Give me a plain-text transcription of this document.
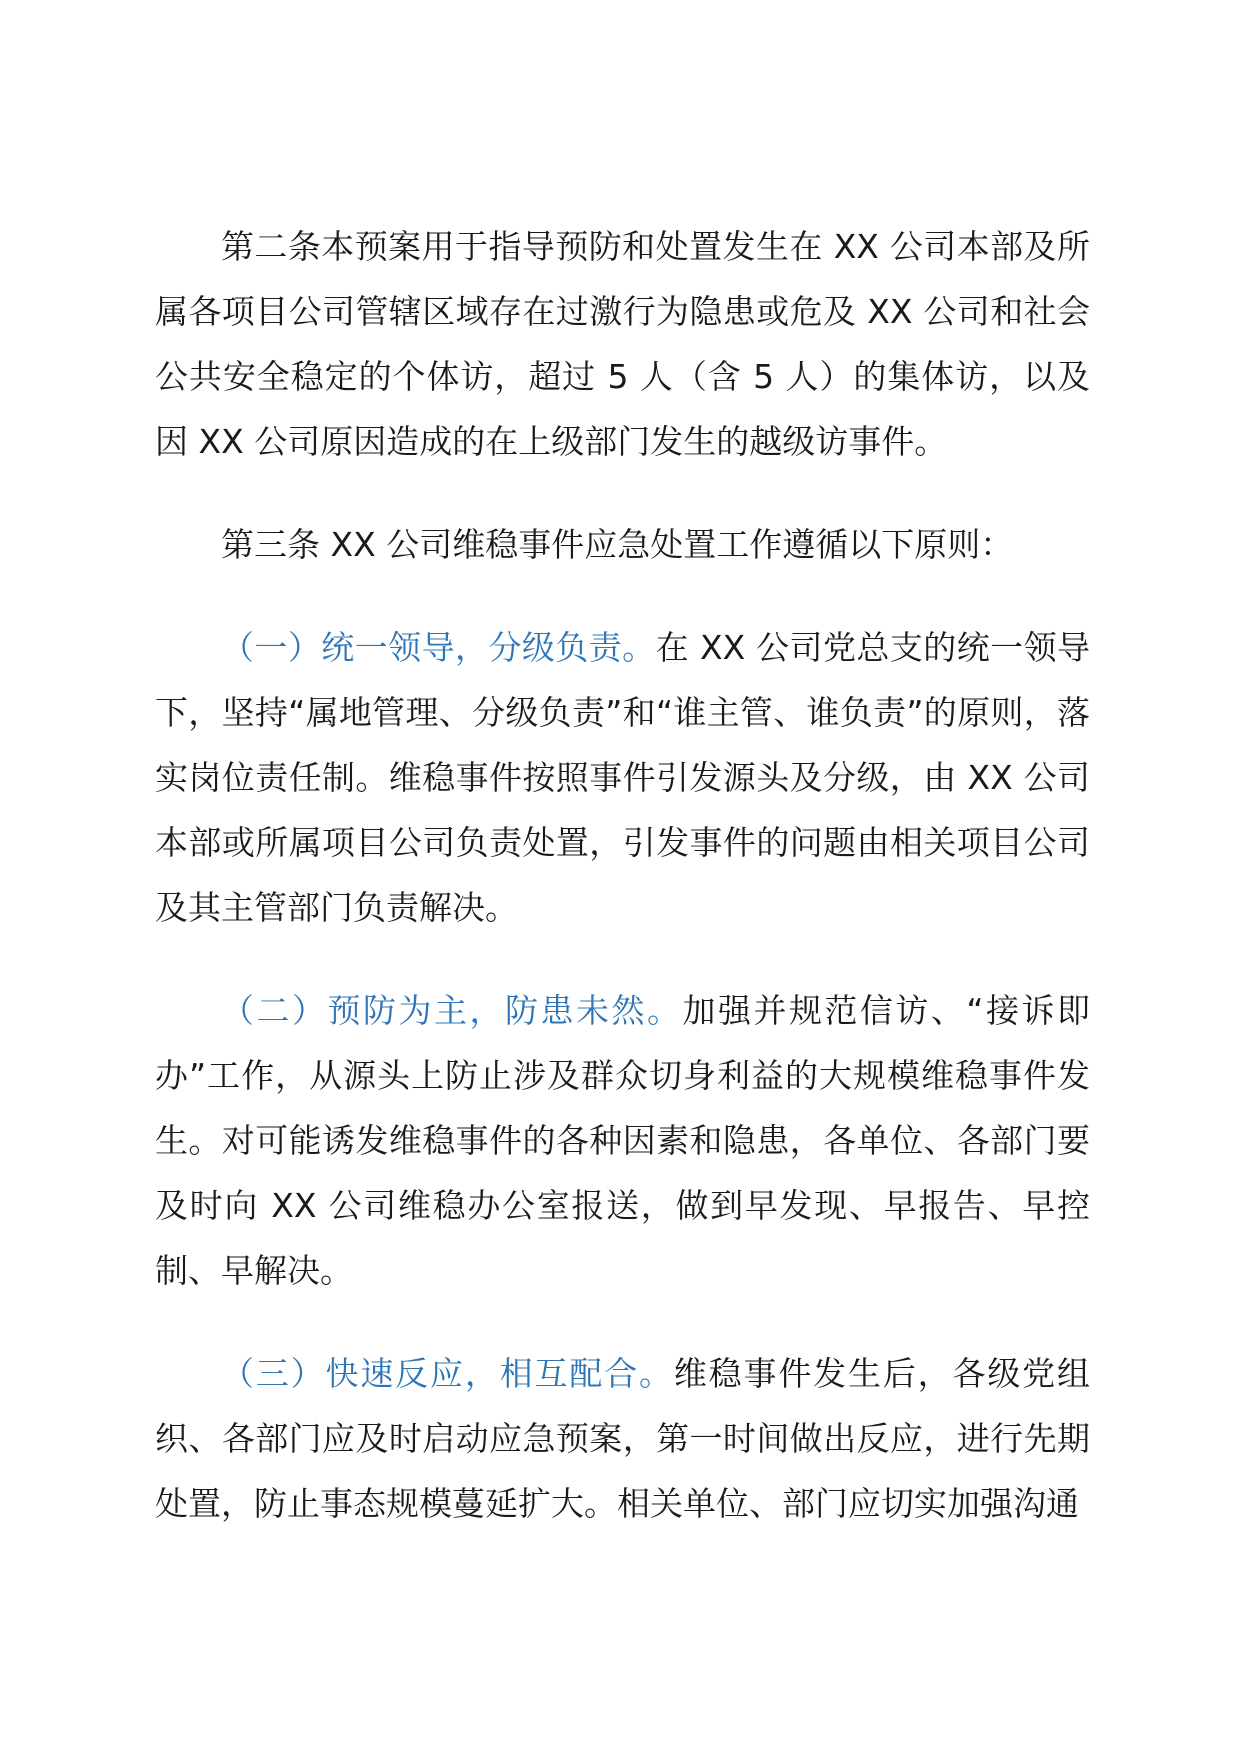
第二条本预案用于指导预防和处置发生在 XX 公司本部及所属各项目公司管辖区域存在过激行为隐患或危及 XX 公司和社会公共安全稳定的个体访，超过 5 人（含 5 人）的集体访，以及因 XX 公司原因造成的在上级部门发生的越级访事件。

第三条 XX 公司维稳事件应急处置工作遵循以下原则：

（一）统一领导，分级负责。在 XX 公司党总支的统一领导下，坚持“属地管理、分级负责”和“谁主管、谁负责”的原则，落实岗位责任制。维稳事件按照事件引发源头及分级，由 XX 公司本部或所属项目公司负责处置，引发事件的问题由相关项目公司及其主管部门负责解决。

（二）预防为主，防患未然。加强并规范信访、“接诉即办”工作，从源头上防止涉及群众切身利益的大规模维稳事件发生。对可能诱发维稳事件的各种因素和隐患，各单位、各部门要及时向 XX 公司维稳办公室报送，做到早发现、早报告、早控制、早解决。

（三）快速反应，相互配合。维稳事件发生后，各级党组织、各部门应及时启动应急预案，第一时间做出反应，进行先期处置，防止事态规模蔓延扩大。相关单位、部门应切实加强沟通
